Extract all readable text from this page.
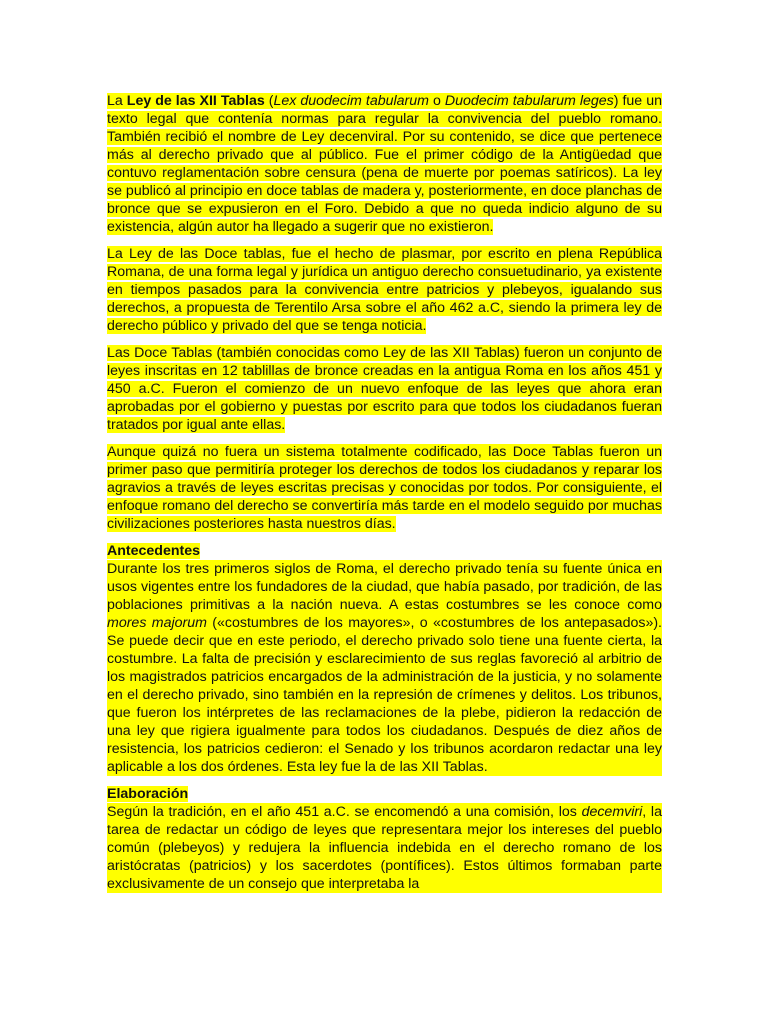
La Ley de las XII Tablas (Lex duodecim tabularum o Duodecim tabularum leges) fue un texto legal que contenía normas para regular la convivencia del pueblo romano. También recibió el nombre de Ley decenviral. Por su contenido, se dice que pertenece más al derecho privado que al público. Fue el primer código de la Antigüedad que contuvo reglamentación sobre censura (pena de muerte por poemas satíricos). La ley se publicó al principio en doce tablas de madera y, posteriormente, en doce planchas de bronce que se expusieron en el Foro. Debido a que no queda indicio alguno de su existencia, algún autor ha llegado a sugerir que no existieron.

La Ley de las Doce tablas, fue el hecho de plasmar, por escrito en plena República Romana, de una forma legal y jurídica un antiguo derecho consuetudinario, ya existente en tiempos pasados para la convivencia entre patricios y plebeyos, igualando sus derechos, a propuesta de Terentilo Arsa sobre el año 462 a.C, siendo la primera ley de derecho público y privado del que se tenga noticia.

Las Doce Tablas (también conocidas como Ley de las XII Tablas) fueron un conjunto de leyes inscritas en 12 tablillas de bronce creadas en la antigua Roma en los años 451 y 450 a.C. Fueron el comienzo de un nuevo enfoque de las leyes que ahora eran aprobadas por el gobierno y puestas por escrito para que todos los ciudadanos fueran tratados por igual ante ellas.

Aunque quizá no fuera un sistema totalmente codificado, las Doce Tablas fueron un primer paso que permitiría proteger los derechos de todos los ciudadanos y reparar los agravios a través de leyes escritas precisas y conocidas por todos. Por consiguiente, el enfoque romano del derecho se convertiría más tarde en el modelo seguido por muchas civilizaciones posteriores hasta nuestros días.

Antecedentes
Durante los tres primeros siglos de Roma, el derecho privado tenía su fuente única en usos vigentes entre los fundadores de la ciudad, que había pasado, por tradición, de las poblaciones primitivas a la nación nueva. A estas costumbres se les conoce como mores majorum («costumbres de los mayores», o «costumbres de los antepasados»). Se puede decir que en este periodo, el derecho privado solo tiene una fuente cierta, la costumbre. La falta de precisión y esclarecimiento de sus reglas favoreció al arbitrio de los magistrados patricios encargados de la administración de la justicia, y no solamente en el derecho privado, sino también en la represión de crímenes y delitos. Los tribunos, que fueron los intérpretes de las reclamaciones de la plebe, pidieron la redacción de una ley que rigiera igualmente para todos los ciudadanos. Después de diez años de resistencia, los patricios cedieron: el Senado y los tribunos acordaron redactar una ley aplicable a los dos órdenes. Esta ley fue la de las XII Tablas.
Elaboración
Según la tradición, en el año 451 a.C. se encomendó a una comisión, los decemviri, la tarea de redactar un código de leyes que representara mejor los intereses del pueblo común (plebeyos) y redujera la influencia indebida en el derecho romano de los aristócratas (patricios) y los sacerdotes (pontífices). Estos últimos formaban parte exclusivamente de un consejo que interpretaba la
